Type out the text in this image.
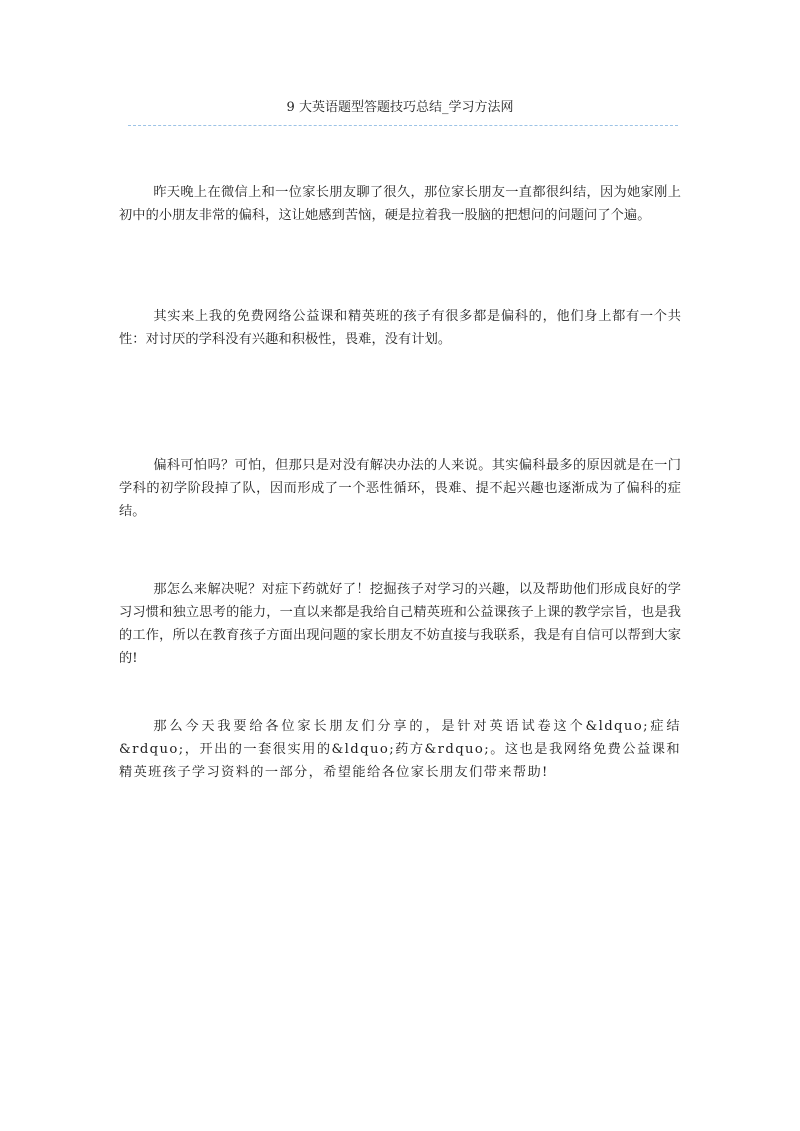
9 大英语题型答题技巧总结_学习方法网

昨天晚上在微信上和一位家长朋友聊了很久，那位家长朋友一直都很纠结，因为她家刚上初中的小朋友非常的偏科，这让她感到苦恼，硬是拉着我一股脑的把想问的问题问了个遍。

其实来上我的免费网络公益课和精英班的孩子有很多都是偏科的，他们身上都有一个共性：对讨厌的学科没有兴趣和积极性，畏难，没有计划。

偏科可怕吗？可怕，但那只是对没有解决办法的人来说。其实偏科最多的原因就是在一门学科的初学阶段掉了队，因而形成了一个恶性循环，畏难、提不起兴趣也逐渐成为了偏科的症结。

那怎么来解决呢？对症下药就好了！挖掘孩子对学习的兴趣，以及帮助他们形成良好的学习习惯和独立思考的能力，一直以来都是我给自己精英班和公益课孩子上课的教学宗旨，也是我的工作，所以在教育孩子方面出现问题的家长朋友不妨直接与我联系，我是有自信可以帮到大家的!

那么今天我要给各位家长朋友们分享的，是针对英语试卷这个&ldquo;症结&rdquo;，开出的一套很实用的&ldquo;药方&rdquo;。这也是我网络免费公益课和精英班孩子学习资料的一部分，希望能给各位家长朋友们带来帮助!
